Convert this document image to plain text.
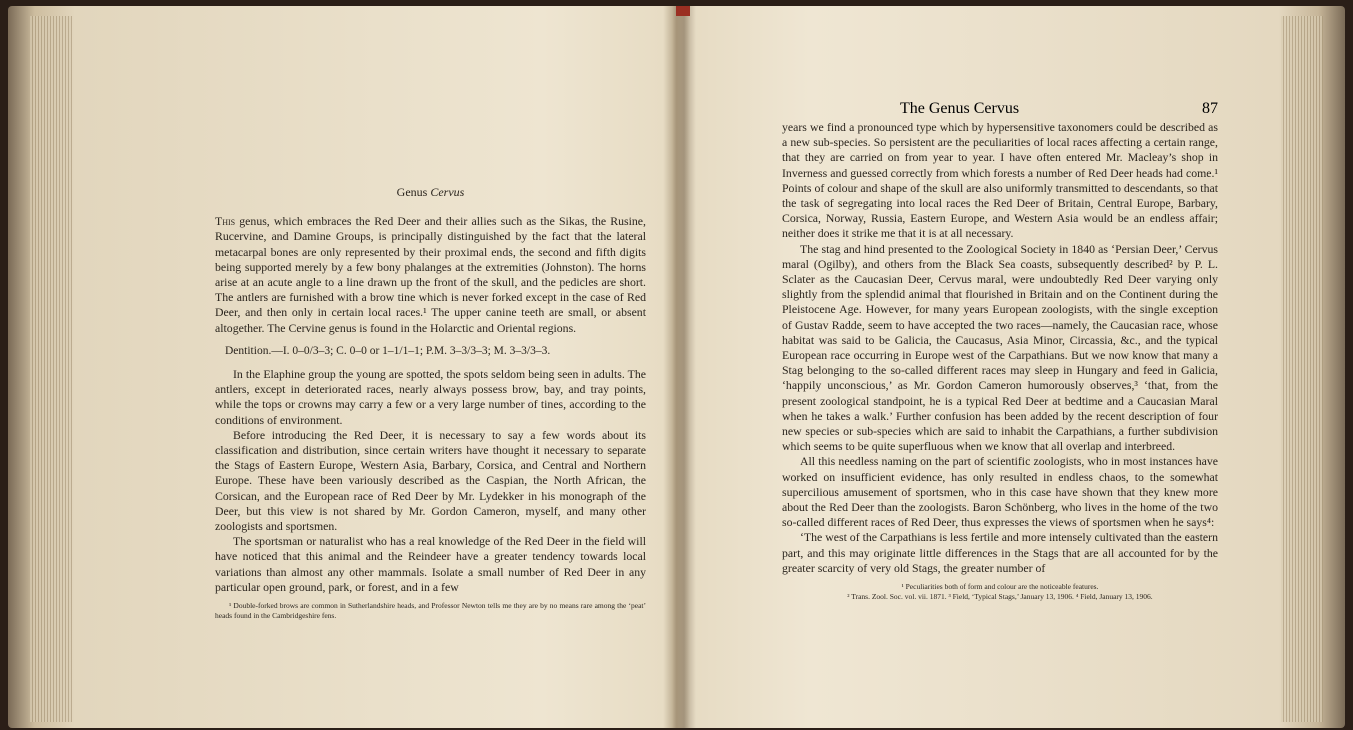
Genus Cervus

This genus, which embraces the Red Deer and their allies such as the Sikas, the Rusine, Rucervine, and Damine Groups, is principally distinguished by the fact that the lateral metacarpal bones are only represented by their proximal ends, the second and fifth digits being supported merely by a few bony phalanges at the extremities (Johnston). The horns arise at an acute angle to a line drawn up the front of the skull, and the pedicles are short. The antlers are furnished with a brow tine which is never forked except in the case of Red Deer, and then only in certain local races.¹ The upper canine teeth are small, or absent altogether. The Cervine genus is found in the Holarctic and Oriental regions.

Dentition.—I. 0–0/3–3; C. 0–0 or 1–1/1–1; P.M. 3–3/3–3; M. 3–3/3–3.

In the Elaphine group the young are spotted, the spots seldom being seen in adults. The antlers, except in deteriorated races, nearly always possess brow, bay, and tray points, while the tops or crowns may carry a few or a very large number of tines, according to the conditions of environment.

Before introducing the Red Deer, it is necessary to say a few words about its classification and distribution, since certain writers have thought it necessary to separate the Stags of Eastern Europe, Western Asia, Barbary, Corsica, and Central and Northern Europe. These have been variously described as the Caspian, the North African, the Corsican, and the European race of Red Deer by Mr. Lydekker in his monograph of the Deer, but this view is not shared by Mr. Gordon Cameron, myself, and many other zoologists and sportsmen.

The sportsman or naturalist who has a real knowledge of the Red Deer in the field will have noticed that this animal and the Reindeer have a greater tendency towards local variations than almost any other mammals. Isolate a small number of Red Deer in any particular open ground, park, or forest, and in a few

¹ Double-forked brows are common in Sutherlandshire heads, and Professor Newton tells me they are by no means rare among the ‘peat’ heads found in the Cambridgeshire fens.

The Genus Cervus	87

years we find a pronounced type which by hypersensitive taxonomers could be described as a new sub-species. So persistent are the peculiarities of local races affecting a certain range, that they are carried on from year to year. I have often entered Mr. Macleay’s shop in Inverness and guessed correctly from which forests a number of Red Deer heads had come.¹ Points of colour and shape of the skull are also uniformly transmitted to descendants, so that the task of segregating into local races the Red Deer of Britain, Central Europe, Barbary, Corsica, Norway, Russia, Eastern Europe, and Western Asia would be an endless affair; neither does it strike me that it is at all necessary.

The stag and hind presented to the Zoological Society in 1840 as ‘Persian Deer,’ Cervus maral (Ogilby), and others from the Black Sea coasts, subsequently described² by P. L. Sclater as the Caucasian Deer, Cervus maral, were undoubtedly Red Deer varying only slightly from the splendid animal that flourished in Britain and on the Continent during the Pleistocene Age. However, for many years European zoologists, with the single exception of Gustav Radde, seem to have accepted the two races—namely, the Caucasian race, whose habitat was said to be Galicia, the Caucasus, Asia Minor, Circassia, &c., and the typical European race occurring in Europe west of the Carpathians. But we now know that many a Stag belonging to the so-called different races may sleep in Hungary and feed in Galicia, ‘happily unconscious,’ as Mr. Gordon Cameron humorously observes,³ ‘that, from the present zoological standpoint, he is a typical Red Deer at bedtime and a Caucasian Maral when he takes a walk.’ Further confusion has been added by the recent description of four new species or sub-species which are said to inhabit the Carpathians, a further subdivision which seems to be quite superfluous when we know that all overlap and interbreed.

All this needless naming on the part of scientific zoologists, who in most instances have worked on insufficient evidence, has only resulted in endless chaos, to the somewhat supercilious amusement of sportsmen, who in this case have shown that they knew more about the Red Deer than the zoologists. Baron Schönberg, who lives in the home of the two so-called different races of Red Deer, thus expresses the views of sportsmen when he says⁴:

‘The west of the Carpathians is less fertile and more intensely cultivated than the eastern part, and this may originate little differences in the Stags that are all accounted for by the greater scarcity of very old Stags, the greater number of

¹ Peculiarities both of form and colour are the noticeable features.
² Trans. Zool. Soc. vol. vii. 1871. ³ Field, ‘Typical Stags,’ January 13, 1906. ⁴ Field, January 13, 1906.
